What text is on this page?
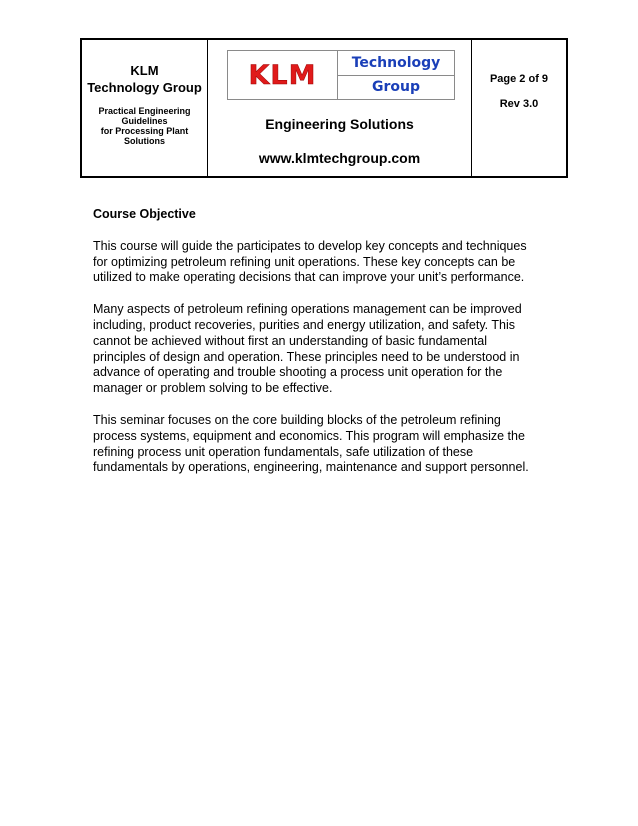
KLM
Technology Group
Practical Engineering
Guidelines
for Processing Plant
Solutions
KLM	Technology
Group
Engineering Solutions
www.klmtechgroup.com
Page 2 of 9
Rev 3.0
Course Objective
This course will guide the participates to develop key concepts and techniques
for optimizing petroleum refining unit operations. These key concepts can be
utilized to make operating decisions that can improve your unit’s performance.
Many aspects of petroleum refining operations management can be improved
including, product recoveries, purities and energy utilization, and safety. This
cannot be achieved without first an understanding of basic fundamental
principles of design and operation. These principles need to be understood in
advance of operating and trouble shooting a process unit operation for the
manager or problem solving to be effective.
This seminar focuses on the core building blocks of the petroleum refining
process systems, equipment and economics. This program will emphasize the
refining process unit operation fundamentals, safe utilization of these
fundamentals by operations, engineering, maintenance and support personnel.
